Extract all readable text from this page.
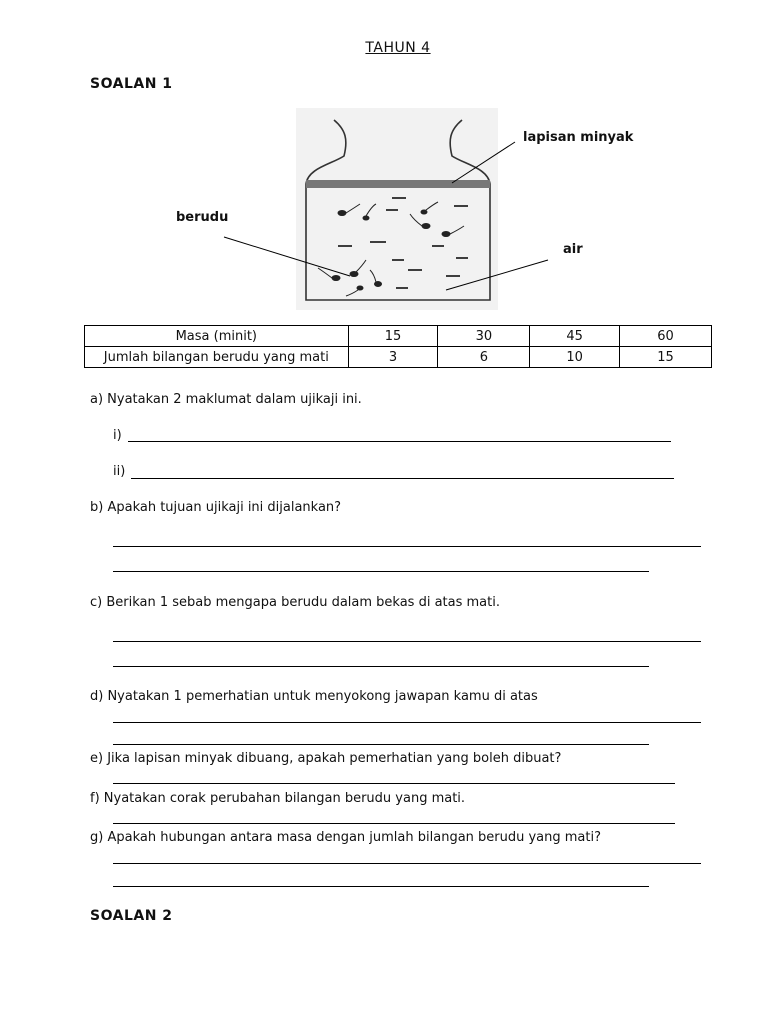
TAHUN 4
SOALAN 1
lapisan minyak
berudu
air
Masa (minit)	15	30	45	60
Jumlah bilangan berudu yang mati	3	6	10	15
a) Nyatakan 2 maklumat dalam ujikaji ini.
i)
ii)
b) Apakah tujuan ujikaji ini dijalankan?
c) Berikan 1 sebab mengapa berudu dalam bekas di atas mati.
d) Nyatakan 1 pemerhatian untuk menyokong jawapan kamu di atas
e) Jika lapisan minyak dibuang, apakah pemerhatian yang boleh dibuat?
f) Nyatakan corak perubahan bilangan berudu yang mati.
g) Apakah hubungan antara masa dengan jumlah bilangan berudu yang mati?
SOALAN 2
